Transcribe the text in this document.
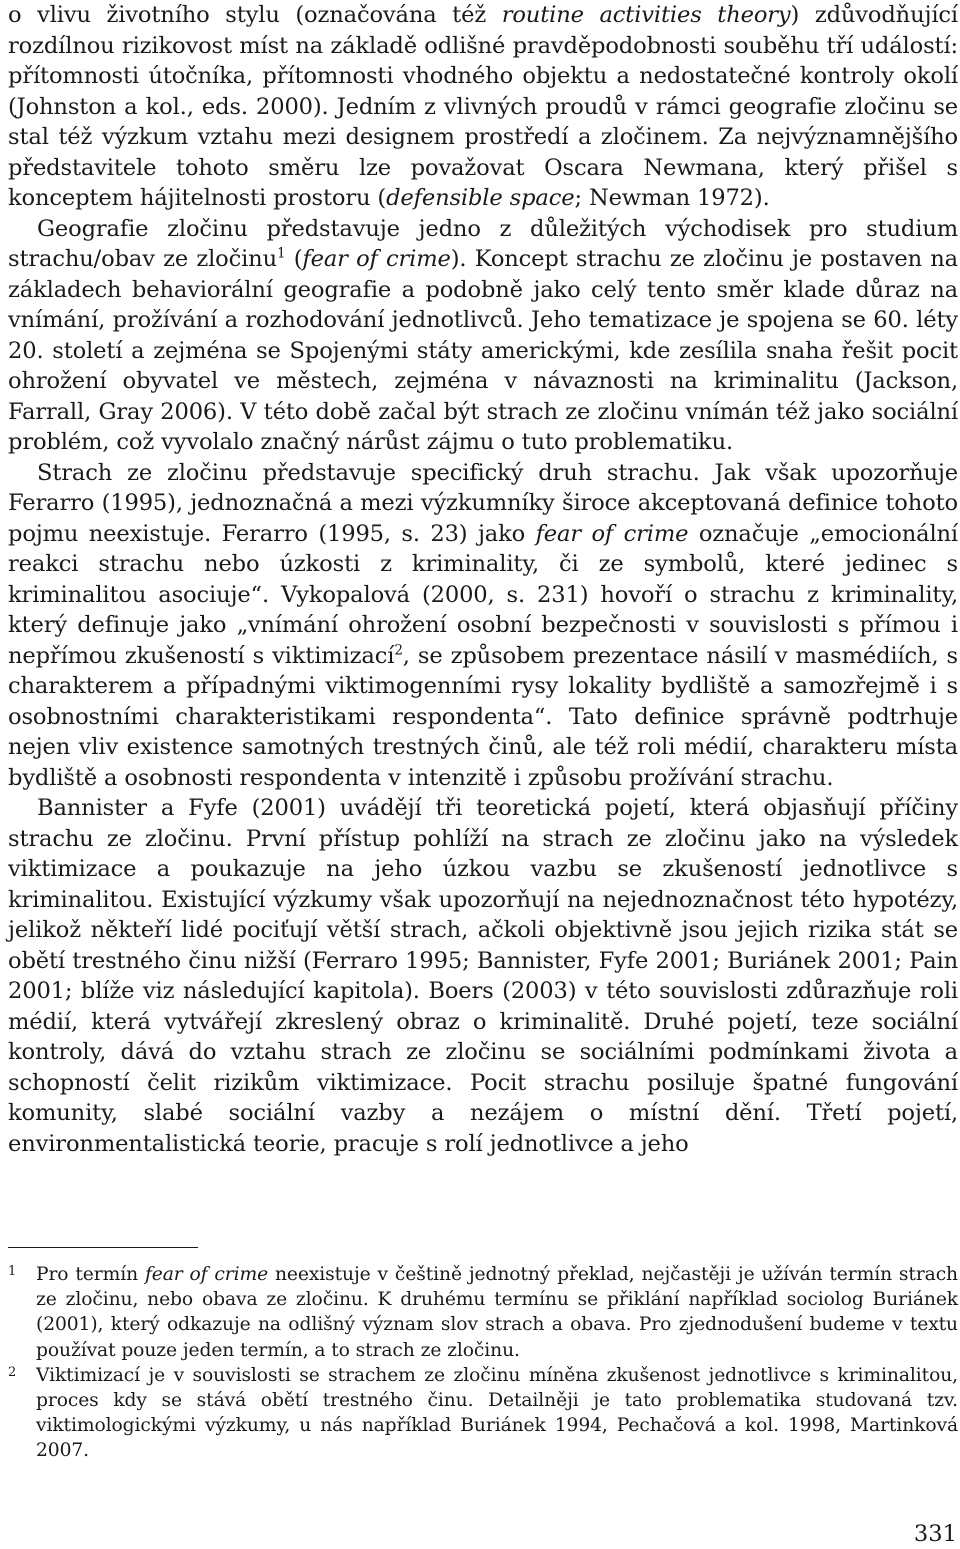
o vlivu životního stylu (označována též routine activities theory) zdůvodňující rozdílnou rizikovost míst na základě odlišné pravděpodobnosti souběhu tří událostí: přítomnosti útočníka, přítomnosti vhodného objektu a nedostatečné kontroly okolí (Johnston a kol., eds. 2000). Jedním z vlivných proudů v rámci geografie zločinu se stal též výzkum vztahu mezi designem prostředí a zločinem. Za nejvýznamnějšího představitele tohoto směru lze považovat Oscara Newmana, který přišel s konceptem hájitelnosti prostoru (defensible space; Newman 1972).

Geografie zločinu představuje jedno z důležitých východisek pro studium strachu/obav ze zločinu$^1$ (fear of crime). Koncept strachu ze zločinu je postaven na základech behaviorální geografie a podobně jako celý tento směr klade důraz na vnímání, prožívání a rozhodování jednotlivců. Jeho tematizace je spojena se 60. léty 20. století a zejména se Spojenými státy americkými, kde zesílila snaha řešit pocit ohrožení obyvatel ve městech, zejména v návaznosti na kriminalitu (Jackson, Farrall, Gray 2006). V této době začal být strach ze zločinu vnímán též jako sociální problém, což vyvolalo značný nárůst zájmu o tuto problematiku.

Strach ze zločinu představuje specifický druh strachu. Jak však upozorňuje Ferarro (1995), jednoznačná a mezi výzkumníky široce akceptovaná definice tohoto pojmu neexistuje. Ferarro (1995, s. 23) jako fear of crime označuje „emocionální reakci strachu nebo úzkosti z kriminality, či ze symbolů, které jedinec s kriminalitou asociuje“. Vykopalová (2000, s. 231) hovoří o strachu z kriminality, který definuje jako „vnímání ohrožení osobní bezpečnosti v souvislosti s přímou i nepřímou zkušeností s viktimizací$^2$, se způsobem prezentace násilí v masmédiích, s charakterem a případnými viktimogenními rysy lokality bydliště a samozřejmě i s osobnostními charakteristikami respondenta“. Tato definice správně podtrhuje nejen vliv existence samotných trestných činů, ale též roli médií, charakteru místa bydliště a osobnosti respondenta v intenzitě i způsobu prožívání strachu.

Bannister a Fyfe (2001) uvádějí tři teoretická pojetí, která objasňují příčiny strachu ze zločinu. První přístup pohlíží na strach ze zločinu jako na výsledek viktimizace a poukazuje na jeho úzkou vazbu se zkušeností jednotlivce s kriminalitou. Existující výzkumy však upozorňují na nejednoznačnost této hypotézy, jelikož někteří lidé pociťují větší strach, ačkoli objektivně jsou jejich rizika stát se obětí trestného činu nižší (Ferraro 1995; Bannister, Fyfe 2001; Buriánek 2001; Pain 2001; blíže viz následující kapitola). Boers (2003) v této souvislosti zdůrazňuje roli médií, která vytvářejí zkreslený obraz o kriminalitě. Druhé pojetí, teze sociální kontroly, dává do vztahu strach ze zločinu se sociálními podmínkami života a schopností čelit rizikům viktimizace. Pocit strachu posiluje špatné fungování komunity, slabé sociální vazby a nezájem o místní dění. Třetí pojetí, environmentalistická teorie, pracuje s rolí jednotlivce a jeho

1 Pro termín fear of crime neexistuje v češtině jednotný překlad, nejčastěji je užíván termín strach ze zločinu, nebo obava ze zločinu. K druhému termínu se přiklání například sociolog Buriánek (2001), který odkazuje na odlišný význam slov strach a obava. Pro zjednodušení budeme v textu používat pouze jeden termín, a to strach ze zločinu.
2 Viktimizací je v souvislosti se strachem ze zločinu míněna zkušenost jednotlivce s kriminalitou, proces kdy se stává obětí trestného činu. Detailněji je tato problematika studovaná tzv. viktimologickými výzkumy, u nás například Buriánek 1994, Pechačová a kol. 1998, Martinková 2007.
331
